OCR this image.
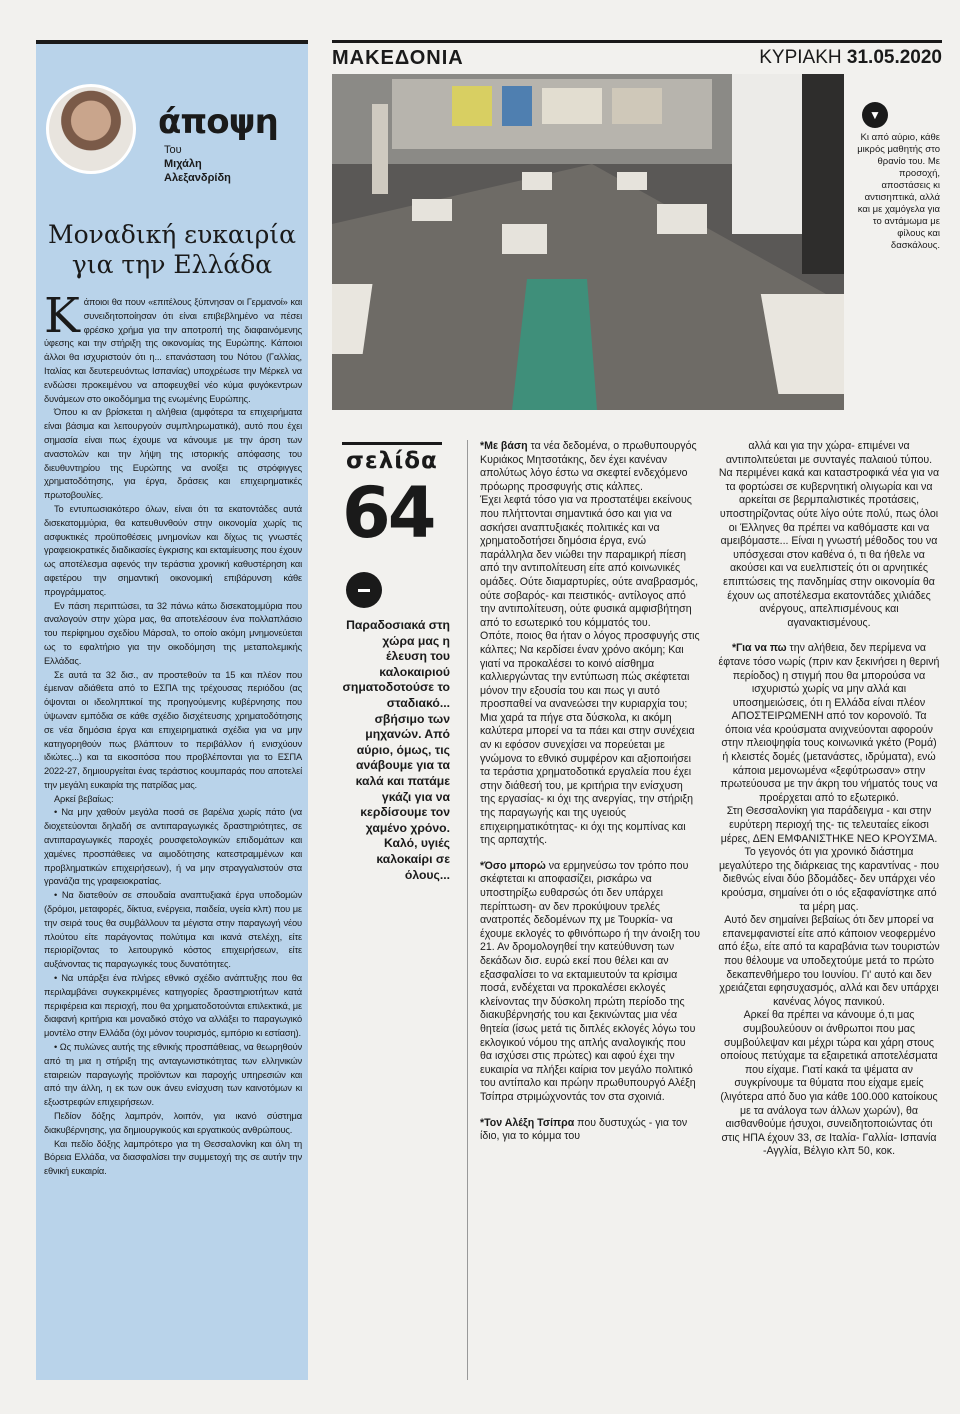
άποψη
Του
Μιχάλη
Αλεξανδρίδη
Μοναδική ευκαιρία
για την Ελλάδα

Κάποιοι θα πουν «επιτέλους ξύπνησαν οι Γερμανοί» και συνειδητοποίησαν ότι είναι επιβεβλημένο να πέσει φρέσκο χρήμα για την αποτροπή της διαφαινόμενης ύφεσης και την στήριξη της οικονομίας της Ευρώπης. Κάποιοι άλλοι θα ισχυριστούν ότι η... επανάσταση του Νότου (Γαλλίας, Ιταλίας και δευτερευόντως Ισπανίας) υποχρέωσε την Μέρκελ να ενδώσει προκειμένου να αποφευχθεί νέο κύμα φυγόκεντρων δυνάμεων στο οικοδόμημα της ενωμένης Ευρώπης.

Όπου κι αν βρίσκεται η αλήθεια (αμφότερα τα επιχειρήματα είναι βάσιμα και λειτουργούν συμπληρωματικά), αυτό που έχει σημασία είναι πως έχουμε να κάνουμε με την άρση των αναστολών και την λήψη της ιστορικής απόφασης του διευθυντηρίου της Ευρώπης να ανοίξει τις στρόφιγγες χρηματοδότησης, για έργα, δράσεις και επιχειρηματικές πρωτοβουλίες.

Το εντυπωσιακότερο όλων, είναι ότι τα εκατοντάδες αυτά δισεκατομμύρια, θα κατευθυνθούν στην οικονομία χωρίς τις ασφυκτικές προϋποθέσεις μνημονίων και δίχως τις γνωστές γραφειοκρατικές διαδικασίες έγκρισης και εκταμίευσης που έχουν ως αποτέλεσμα αφενός την τεράστια χρονική καθυστέρηση και αφετέρου την σημαντική οικονομική επιβάρυνση κάθε προγράμματος.

Εν πάση περιπτώσει, τα 32 πάνω κάτω δισεκατομμύρια που αναλογούν στην χώρα μας, θα αποτελέσουν ένα πολλαπλάσιο του περίφημου σχεδίου Μάρσαλ, το οποίο ακόμη μνημονεύεται ως το εφαλτήριο για την οικοδόμηση της μεταπολεμικής Ελλάδας.

Σε αυτά τα 32 δισ., αν προστεθούν τα 15 και πλέον που έμειναν αδιάθετα από το ΕΣΠΑ της τρέχουσας περιόδου (ας όψονται οι ιδεοληπτικοί της προηγούμενης κυβέρνησης που ύψωναν εμπόδια σε κάθε σχέδιο δισχέτευσης χρηματοδότησης σε νέα δημόσια έργα και επιχειρηματικά σχέδια για να μην κατηγορηθούν πως βλάπτουν το περιβάλλον ή ενισχύουν ιδιώτες...) και τα εικοσιτόσα που προβλέπονται για το ΕΣΠΑ 2022-27, δημιουργείται ένας τεράστιος κουμπαράς που αποτελεί την μεγάλη ευκαιρία της πατρίδας μας.

Αρκεί βεβαίως:

• Να μην χαθούν μεγάλα ποσά σε βαρέλια χωρίς πάτο (να διοχετεύονται δηλαδή σε αντιπαραγωγικές δραστηριότητες, σε αντιπαραγωγικές παροχές ρουσφετολογικών επιδομάτων και χαμένες προσπάθειες να αιμοδότησης κατεστραμμένων και προβληματικών επιχειρήσεων), ή να μην στραγγαλιστούν στα γρανάζια της γραφειοκρατίας.

• Να διατεθούν σε σπουδαία αναπτυξιακά έργα υποδομών (δρόμοι, μεταφορές, δίκτυα, ενέργεια, παιδεία, υγεία κλπ) που με την σειρά τους θα συμβάλλουν τα μέγιστα στην παραγωγή νέου πλούτου είτε παράγοντας πολύτιμα και ικανά στελέχη, είτε περιορίζοντας το λειτουργικό κόστος επιχειρήσεων, είτε αυξάνοντας τις παραγωγικές τους δυνατότητες.

• Να υπάρξει ένα πλήρες εθνικό σχέδιο ανάπτυξης που θα περιλαμβάνει συγκεκριμένες κατηγορίες δραστηριοτήτων κατά περιφέρεια και περιοχή, που θα χρηματοδοτούνται επιλεκτικά, με διαφανή κριτήρια και μοναδικό στόχο να αλλάξει το παραγωγικό μοντέλο στην Ελλάδα (όχι μόνον τουρισμός, εμπόριο κι εστίαση).

• Ως πυλώνες αυτής της εθνικής προσπάθειας, να θεωρηθούν από τη μια η στήριξη της ανταγωνιστικότητας των ελληνικών εταιρειών παραγωγής προϊόντων και παροχής υπηρεσιών και από την άλλη, η εκ των ουκ άνευ ενίσχυση των καινοτόμων κι εξωστρεφών επιχειρήσεων.

Πεδίον δόξης λαμπρόν, λοιπόν, για ικανό σύστημα διακυβέρνησης, για δημιουργικούς και εργατικούς ανθρώπους.

Και πεδίο δόξης λαμπρότερο για τη Θεσσαλονίκη και όλη τη Βόρεια Ελλάδα, να διασφαλίσει την συμμετοχή της σε αυτήν την εθνική ευκαιρία.

ΜΑΚΕΔΟΝΙΑ	ΚΥΡΙΑΚΗ 31.05.2020
▼
Κι από αύριο, κάθε μικρός μαθητής στο θρανίο του. Με προσοχή, αποστάσεις κι αντισηπτικά, αλλά και με χαμόγελα για το αντάμωμα με φίλους και δασκάλους.
σελίδα
64
Παραδοσιακά στη χώρα μας η έλευση του καλοκαιριού σηματοδοτούσε το σταδιακό... σβήσιμο των μηχανών. Από αύριο, όμως, τις ανάβουμε για τα καλά και πατάμε γκάζι για να κερδίσουμε τον χαμένο χρόνο. Καλό, υγιές καλοκαίρι σε όλους...

*Με βάση τα νέα δεδομένα, ο πρωθυπουργός Κυριάκος Μητσοτάκης, δεν έχει κανέναν απολύτως λόγο έστω να σκεφτεί ενδεχόμενο πρόωρης προσφυγής στις κάλπες.

Έχει λεφτά τόσο για να προστατέψει εκείνους που πλήττονται σημαντικά όσο και για να ασκήσει αναπτυξιακές πολιτικές και να χρηματοδοτήσει δημόσια έργα, ενώ παράλληλα δεν νιώθει την παραμικρή πίεση από την αντιπολίτευση είτε από κοινωνικές ομάδες. Ούτε διαμαρτυρίες, ούτε αναβρασμός, ούτε σοβαρός- και πειστικός- αντίλογος από την αντιπολίτευση, ούτε φυσικά αμφισβήτηση από το εσωτερικό του κόμματός του.

Οπότε, ποιος θα ήταν ο λόγος προσφυγής στις κάλπες; Να κερδίσει έναν χρόνο ακόμη; Και γιατί να προκαλέσει το κοινό αίσθημα καλλιεργώντας την εντύπωση πώς σκέφτεται μόνον την εξουσία του και πως γι αυτό προσπαθεί να ανανεώσει την κυριαρχία του;

Μια χαρά τα πήγε στα δύσκολα, κι ακόμη καλύτερα μπορεί να τα πάει και στην συνέχεια αν κι εφόσον συνεχίσει να πορεύεται με γνώμονα το εθνικό συμφέρον και αξιοποιήσει τα τεράστια χρηματοδοτικά εργαλεία που έχει στην διάθεσή του, με κριτήρια την ενίσχυση της εργασίας- κι όχι της ανεργίας, την στήριξη της παραγωγής και της υγειούς επιχειρηματικότητας- κι όχι της κομπίνας και της αρπαχτής.

*Όσο μπορώ να ερμηνεύσω τον τρόπο που σκέφτεται κι αποφασίζει, ρισκάρω να υποστηρίξω ευθαρσώς ότι δεν υπάρχει περίπτωση- αν δεν προκύψουν τρελές ανατροπές δεδομένων πχ με Τουρκία- να έχουμε εκλογές το φθινόπωρο ή την άνοιξη του 21. Αν δρομολογηθεί την κατεύθυνση των δεκάδων δισ. ευρώ εκεί που θέλει και αν εξασφαλίσει το να εκταμιευτούν τα κρίσιμα ποσά, ενδέχεται να προκαλέσει εκλογές κλείνοντας την δύσκολη πρώτη περίοδο της διακυβέρνησής του και ξεκινώντας μια νέα θητεία (ίσως μετά τις διπλές εκλογές λόγω του εκλογικού νόμου της απλής αναλογικής που θα ισχύσει στις πρώτες) και αφού έχει την ευκαιρία να πλήξει καίρια τον μεγάλο πολιτικό του αντίπαλο και πρώην πρωθυπουργό Αλέξη Τσίπρα στριμώχνοντάς τον στα σχοινιά.

*Τον Αλέξη Τσίπρα που δυστυχώς - για τον ίδιο, για το κόμμα του

αλλά και για την χώρα- επιμένει να αντιπολιτεύεται με συνταγές παλαιού τύπου. Να περιμένει κακά και καταστροφικά νέα για να τα φορτώσει σε κυβερνητική ολιγωρία και να αρκείται σε βερμπαλιστικές προτάσεις, υποστηρίζοντας ούτε λίγο ούτε πολύ, πως όλοι οι Έλληνες θα πρέπει να καθόμαστε και να αμειβόμαστε... Είναι η γνωστή μέθοδος του να υπόσχεσαι στον καθένα ό, τι θα ήθελε να ακούσει και να ευελπιστείς ότι οι αρνητικές επιπτώσεις της πανδημίας στην οικονομία θα έχουν ως αποτέλεσμα εκατοντάδες χιλιάδες ανέργους, απελπισμένους και αγανακτισμένους.

*Για να πω την αλήθεια, δεν περίμενα να έφτανε τόσο νωρίς (πριν καν ξεκινήσει η θερινή περίοδος) η στιγμή που θα μπορούσα να ισχυριστώ χωρίς να μην αλλά και υποσημειώσεις, ότι η Ελλάδα είναι πλέον ΑΠΟΣΤΕΙΡΩΜΕΝΗ από τον κορονοϊό. Τα όποια νέα κρούσματα ανιχνεύονται αφορούν στην πλειοψηφία τους κοινωνικά γκέτο (Ρομά) ή κλειστές δομές (μετανάστες, ιδρύματα), ενώ κάποια μεμονωμένα «ξεφύτρωσαν» στην πρωτεύουσα με την άκρη του νήματός τους να προέρχεται από το εξωτερικό.

Στη Θεσσαλονίκη για παράδειγμα - και στην ευρύτερη περιοχή της- τις τελευταίες είκοσι μέρες, ΔΕΝ ΕΜΦΑΝΙΣΤΗΚΕ ΝΕΟ ΚΡΟΥΣΜΑ. Το γεγονός ότι για χρονικό διάστημα μεγαλύτερο της διάρκειας της καραντίνας - που διεθνώς είναι δύο βδομάδες- δεν υπάρχει νέο κρούσμα, σημαίνει ότι ο ιός εξαφανίστηκε από τα μέρη μας.

Αυτό δεν σημαίνει βεβαίως ότι δεν μπορεί να επανεμφανιστεί είτε από κάποιον νεοφερμένο από έξω, είτε από τα καραβάνια των τουριστών που θέλουμε να υποδεχτούμε μετά το πρώτο δεκαπενθήμερο του Ιουνίου. Γι' αυτό και δεν χρειάζεται εφησυχασμός, αλλά και δεν υπάρχει κανένας λόγος πανικού.

Αρκεί θα πρέπει να κάνουμε ό,τι μας συμβουλεύουν οι άνθρωποι που μας συμβούλεψαν και μέχρι τώρα και χάρη στους οποίους πετύχαμε τα εξαιρετικά αποτελέσματα που είχαμε. Γιατί κακά τα ψέματα αν συγκρίνουμε τα θύματα που είχαμε εμείς (λιγότερα από δυο για κάθε 100.000 κατοίκους με τα ανάλογα των άλλων χωρών), θα αισθανθούμε ήσυχοι, συνειδητοποιώντας ότι στις ΗΠΑ έχουν 33, σε Ιταλία- Γαλλία- Ισπανία -Αγγλία, Βέλγιο κλπ 50, κοκ.
